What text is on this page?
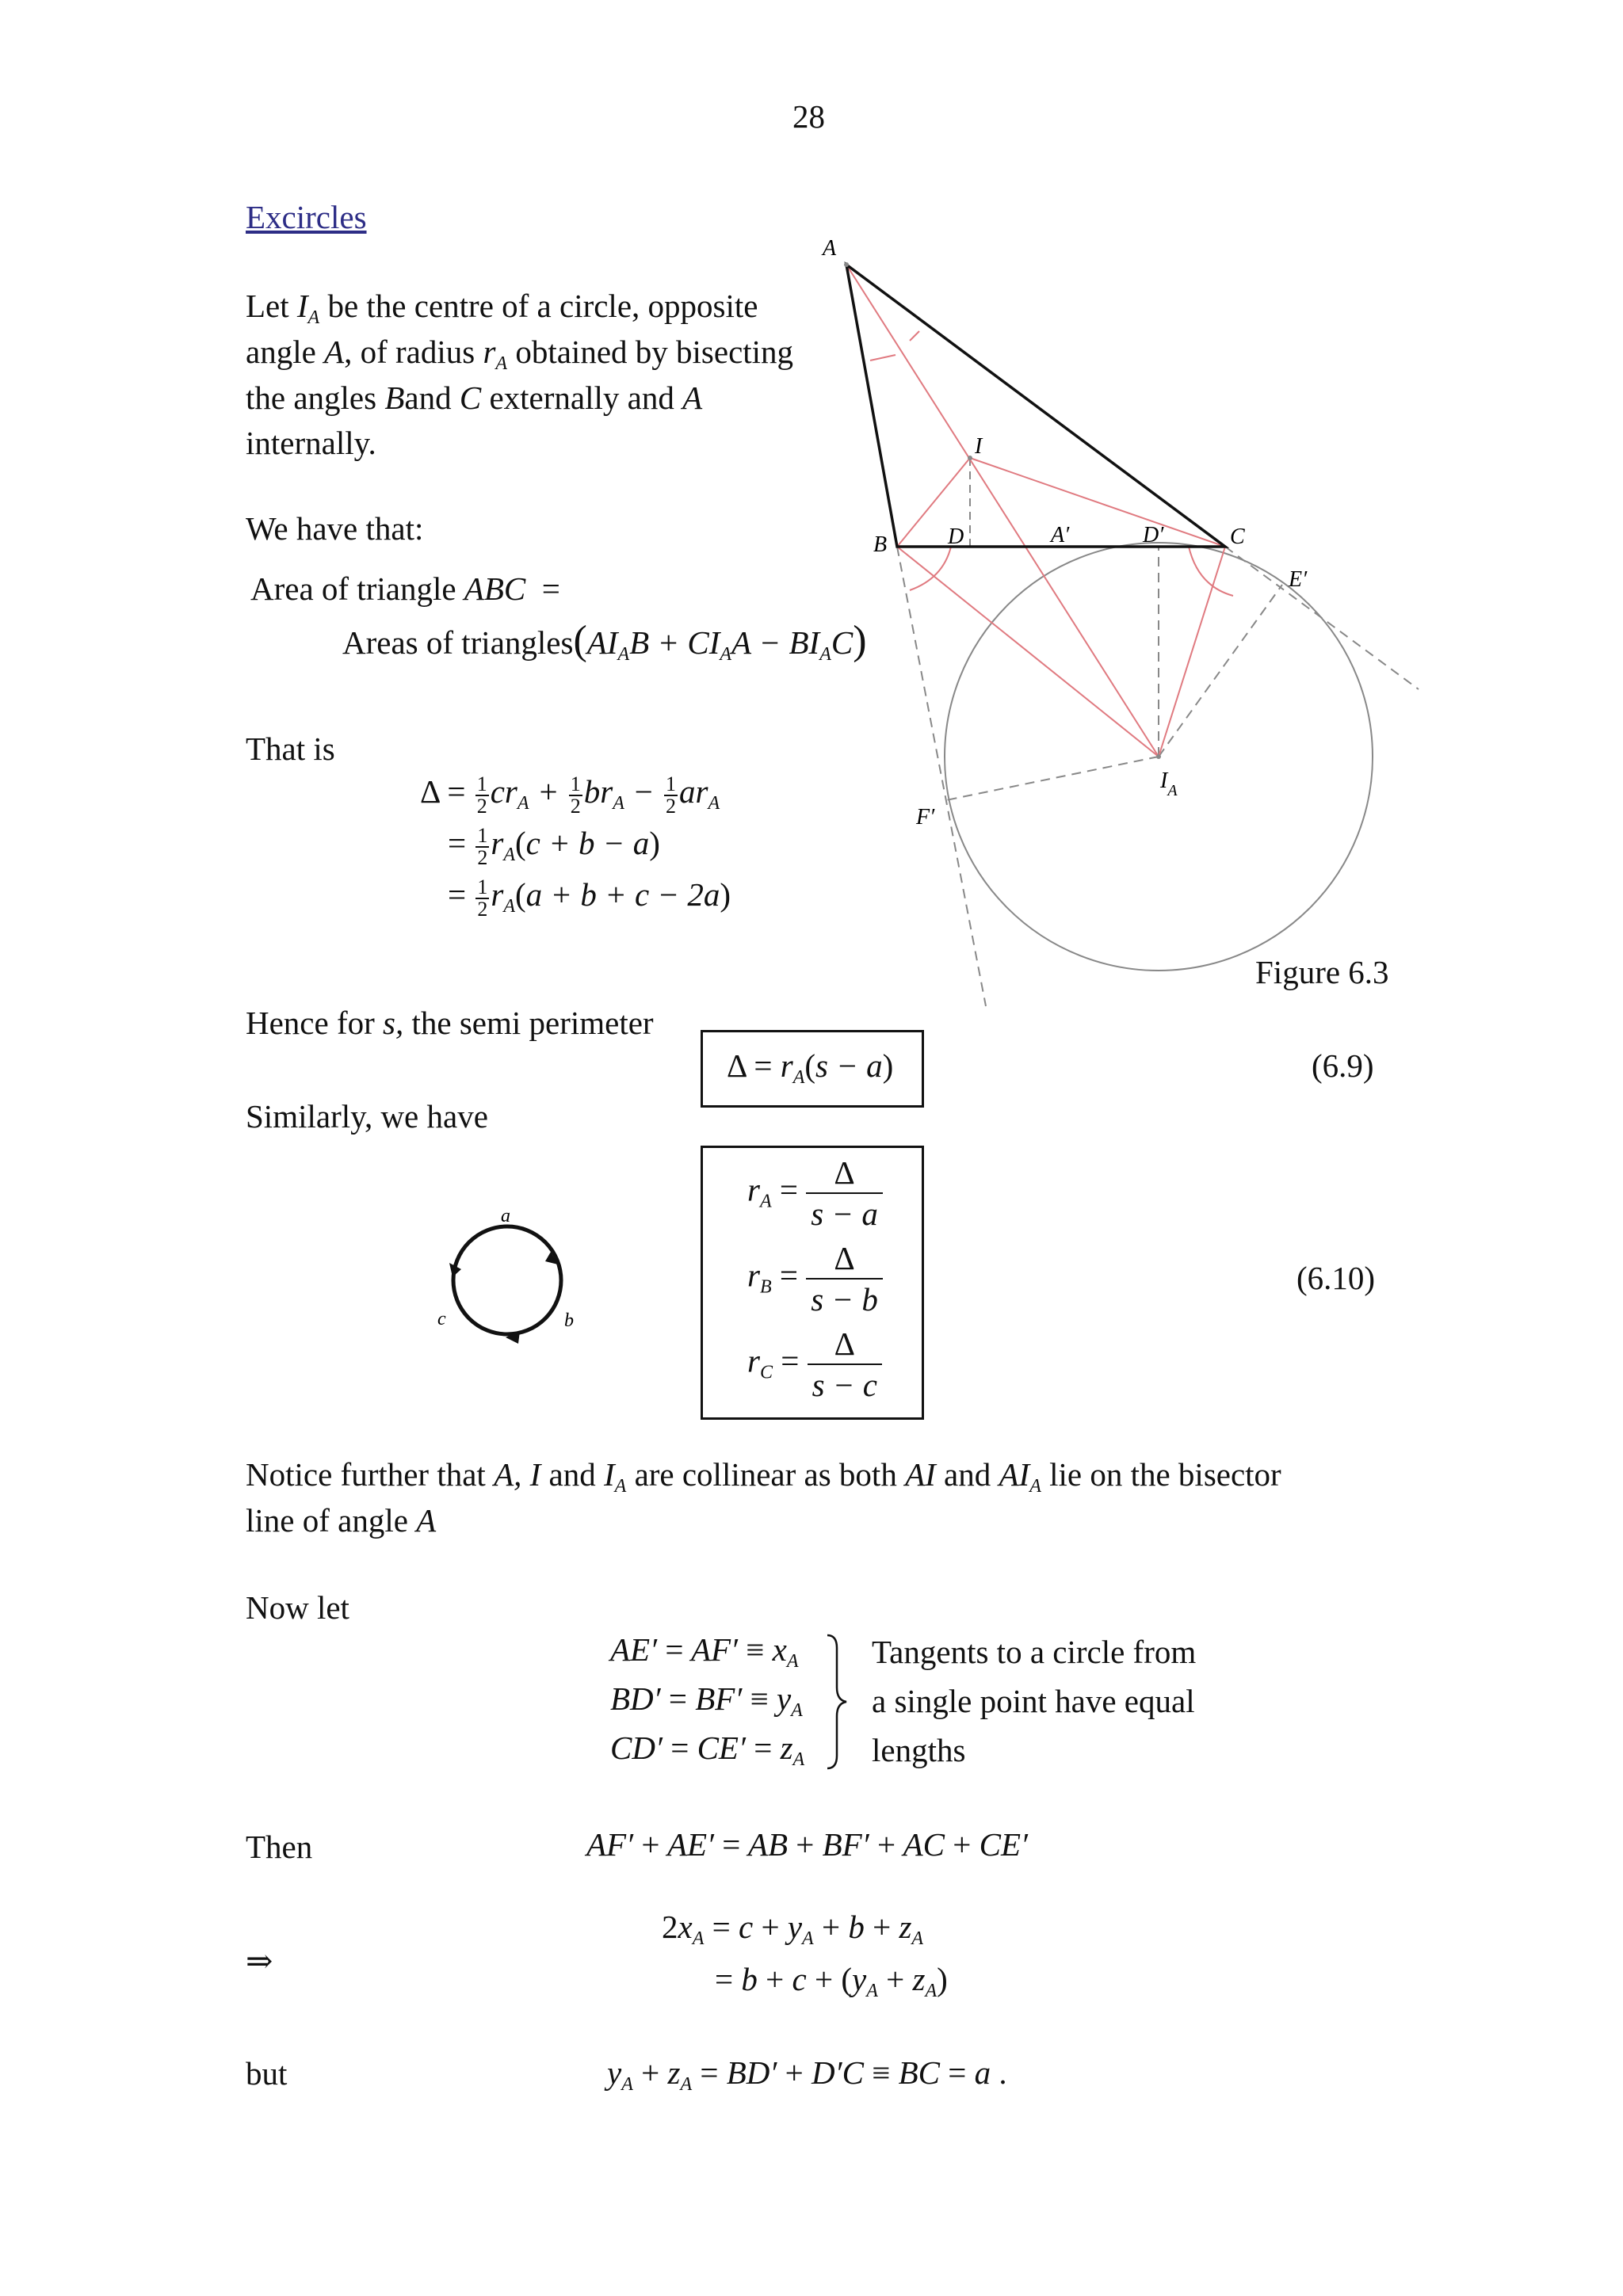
28
Excircles
Let $I_A$ be the centre of a circle, opposite
angle A, of radius $r_A$ obtained by bisecting
the angles Band C externally and A
internally.
We have that:
Area of triangle ABC =
Areas of $triangles(AI_AB + CI_AA - BI_AC)$
That is
$\Delta = \frac{1}{2} cr_A + \frac{1}{2} br_A - \frac{1}{2} ar_A$
= $\frac{1}{2} r_A(c + b - a)$
= $\frac{1}{2} r_A(a + b + c - 2a)$
Hence for s, the semi perimeter
$\Delta = r_A(s - a)$	(6.9)
Similarly, we have
$r_A = \frac{\Delta}{s - a}$
$r_B = \frac{\Delta}{s - b}$
$r_C = \frac{\Delta}{s - c}$
(6.10)
a
b
c
Notice further that A, I and $I_A$ are collinear as both AI and $AI_A$ lie on the bisector
line of angle A
Now let
$AE' = AF' \equiv x_A$
$BD' = BF' \equiv y_A$
$CD' = CE' = z_A$
Tangents to a circle from
a single point have equal
lengths
Then	AF′ + AE′ = AB + BF′ + AC + CE′
$2x_A = c + y_A + b + z_A$
⇒	= $b + c + (y_A + z_A)$
but	$y_A + z_A = BD' + D'C$ ≡ BC = a .
A
B	C
I
D	A′	D′
E′
F′
$I_A$
Figure 6.3
